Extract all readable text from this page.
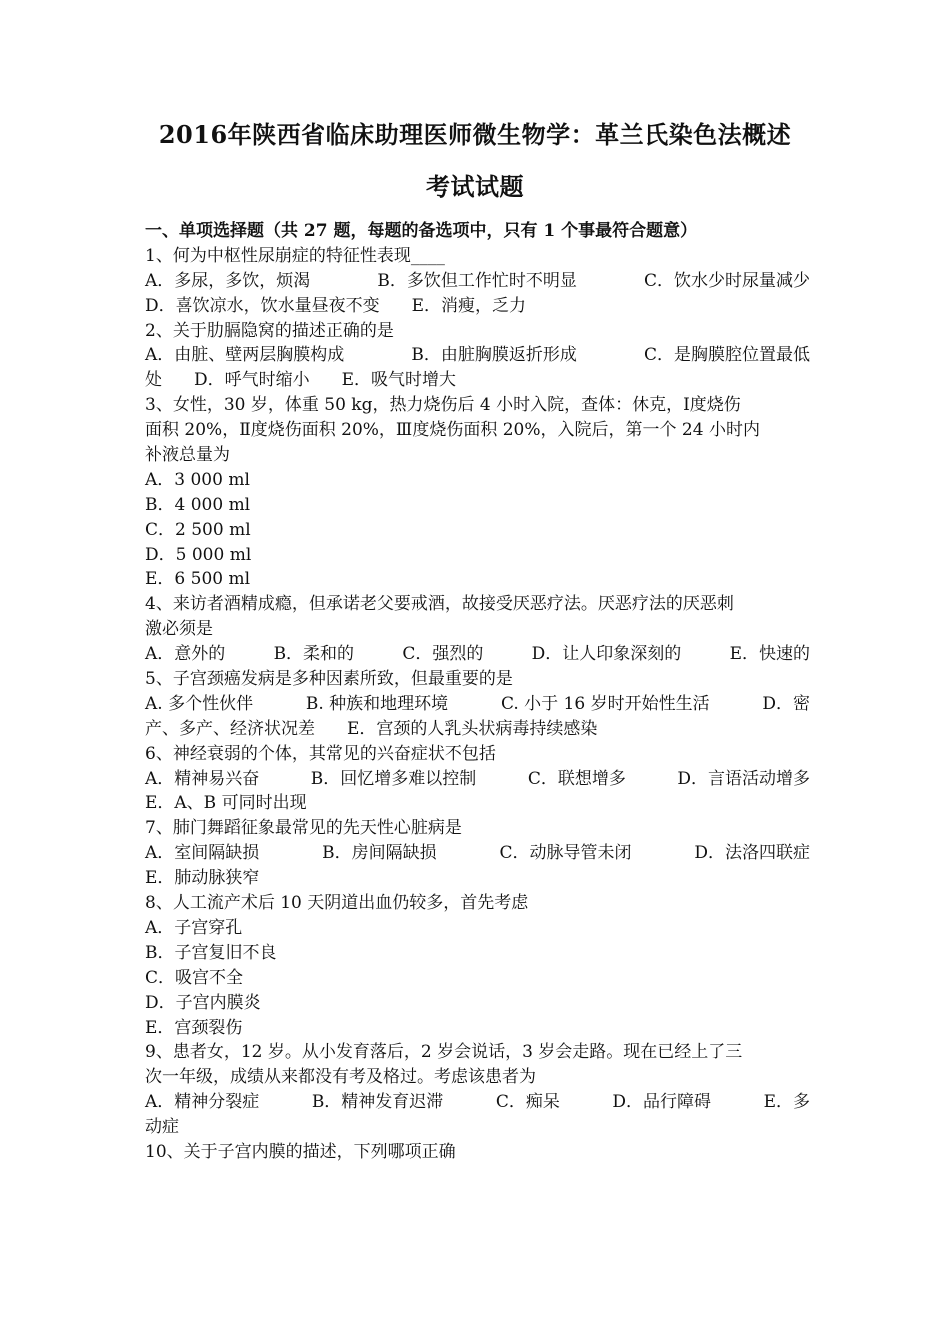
2016年陕西省临床助理医师微生物学：革兰氏染色法概述
考试试题
一、单项选择题（共 27 题，每题的备选项中，只有 1 个事最符合题意）
1、何为中枢性尿崩症的特征性表现____
A．多尿，多饮，烦渴	B．多饮但工作忙时不明显	C．饮水少时尿量减少
D．喜饮凉水，饮水量昼夜不变 E．消瘦，乏力
2、关于肋膈隐窝的描述正确的是
A．由脏、壁两层胸膜构成	B．由脏胸膜返折形成	C．是胸膜腔位置最低
处 D．呼气时缩小 E．吸气时增大
3、女性，30 岁，体重 50 kg，热力烧伤后 4 小时入院，查体：休克，Ⅰ度烧伤
面积 20%，Ⅱ度烧伤面积 20%，Ⅲ度烧伤面积 20%，入院后，第一个 24 小时内
补液总量为
A．3 000 ml
B．4 000 ml
C．2 500 ml
D．5 000 ml
E．6 500 ml
4、来访者酒精成瘾，但承诺老父要戒酒，故接受厌恶疗法。厌恶疗法的厌恶刺
激必须是
A．意外的	B．柔和的	C．强烈的	D．让人印象深刻的	E．快速的
5、子宫颈癌发病是多种因素所致，但最重要的是
A. 多个性伙伴	B. 种族和地理环境	C. 小于 16 岁时开始性生活	D．密
产、多产、经济状况差 E．宫颈的人乳头状病毒持续感染
6、神经衰弱的个体，其常见的兴奋症状不包括
A．精神易兴奋	B．回忆增多难以控制	C．联想增多	D．言语活动增多
E．A、B 可同时出现
7、肺门舞蹈征象最常见的先天性心脏病是
A．室间隔缺损	B．房间隔缺损	C．动脉导管未闭	D．法洛四联症
E．肺动脉狭窄
8、人工流产术后 10 天阴道出血仍较多，首先考虑
A．子宫穿孔
B．子宫复旧不良
C．吸宫不全
D．子宫内膜炎
E．宫颈裂伤
9、患者女，12 岁。从小发育落后，2 岁会说话，3 岁会走路。现在已经上了三
次一年级，成绩从来都没有考及格过。考虑该患者为
A．精神分裂症	B．精神发育迟滞	C．痴呆	D．品行障碍	E．多
动症
10、关于子宫内膜的描述，下列哪项正确
